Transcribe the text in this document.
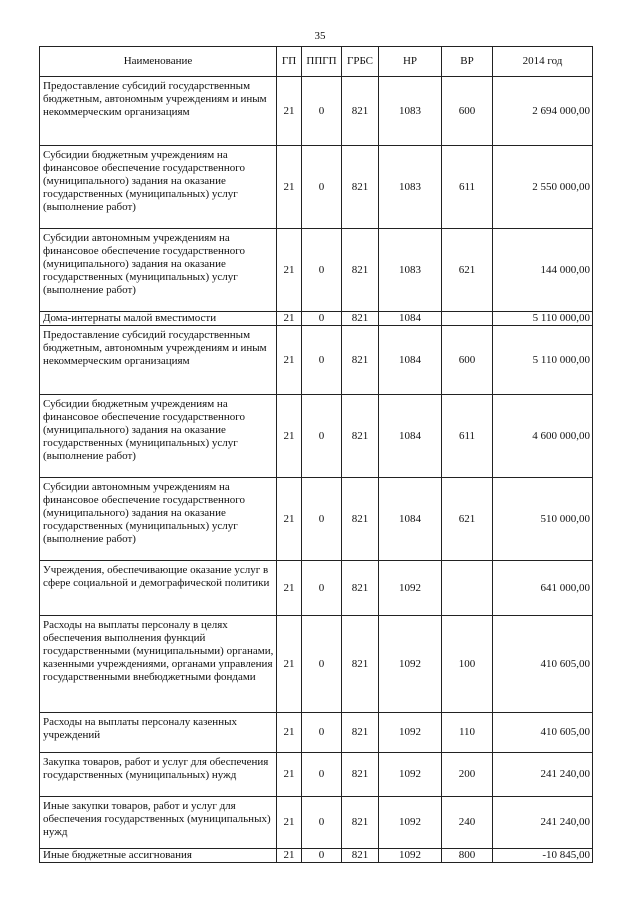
35
Наименование	ГП	ППГП	ГРБС	НР	ВР	2014 год
Предоставление субсидий государственным бюджетным, автономным учреждениям и иным некоммерческим организациям	21	0	821	1083	600	2 694 000,00
Субсидии бюджетным учреждениям на финансовое обеспечение государственного (муниципального) задания на оказание государственных (муниципальных) услуг (выполнение работ)	21	0	821	1083	611	2 550 000,00
Субсидии автономным учреждениям на финансовое обеспечение государственного (муниципального) задания на оказание государственных (муниципальных) услуг (выполнение работ)	21	0	821	1083	621	144 000,00
Дома-интернаты малой вместимости	21	0	821	1084		5 110 000,00
Предоставление субсидий государственным бюджетным, автономным учреждениям и иным некоммерческим организациям	21	0	821	1084	600	5 110 000,00
Субсидии бюджетным учреждениям на финансовое обеспечение государственного (муниципального) задания на оказание государственных (муниципальных) услуг (выполнение работ)	21	0	821	1084	611	4 600 000,00
Субсидии автономным учреждениям на финансовое обеспечение государственного (муниципального) задания на оказание государственных (муниципальных) услуг (выполнение работ)	21	0	821	1084	621	510 000,00
Учреждения, обеспечивающие оказание услуг в сфере социальной и демографической политики	21	0	821	1092		641 000,00
Расходы на выплаты персоналу в целях обеспечения выполнения функций государственными (муниципальными) органами, казенными учреждениями, органами управления государственными внебюджетными фондами	21	0	821	1092	100	410 605,00
Расходы на выплаты персоналу казенных учреждений	21	0	821	1092	110	410 605,00
Закупка товаров, работ и услуг для обеспечения государственных (муниципальных) нужд	21	0	821	1092	200	241 240,00
Иные закупки товаров, работ и услуг для обеспечения государственных (муниципальных) нужд	21	0	821	1092	240	241 240,00
Иные бюджетные ассигнования	21	0	821	1092	800	-10 845,00
